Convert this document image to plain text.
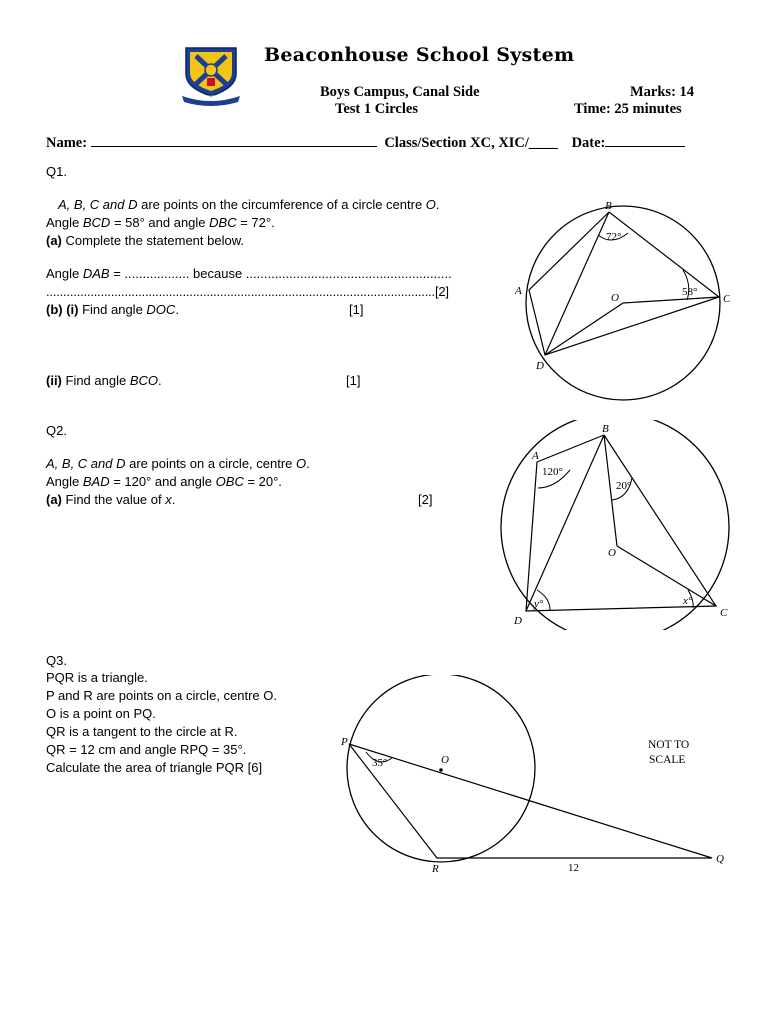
SEEK THE LIGHT
Beaconhouse School System
Boys Campus, Canal Side
Test 1 Circles
Marks: 14
Time: 25 minutes
Name:	Class/Section XC, XIC/____ Date:
Q1.
A, B, C and D are points on the circumference of a circle centre O.
Angle BCD = 58° and angle DBC = 72°.
(a) Complete the statement below.
Angle DAB = .................. because .........................................................
..................................................................................................................[2]
(b) (i) Find angle DOC.	[1]
(ii) Find angle BCO.	[1]
A
B
C
D
O
72°
58°
Q2.
A, B, C and D are points on a circle, centre O.
Angle BAD = 120° and angle OBC = 20°.
(a) Find the value of x.	[2]
A
B
C
D
O
120°
20°
x°
y°
Q3.
PQR is a triangle.
P and R are points on a circle, centre O.
O is a point on PQ.
QR is a tangent to the circle at R.
QR = 12 cm and angle RPQ = 35°.
Calculate the area of triangle PQR [6]
P
O
R
Q
35°
12
NOT TO
SCALE
